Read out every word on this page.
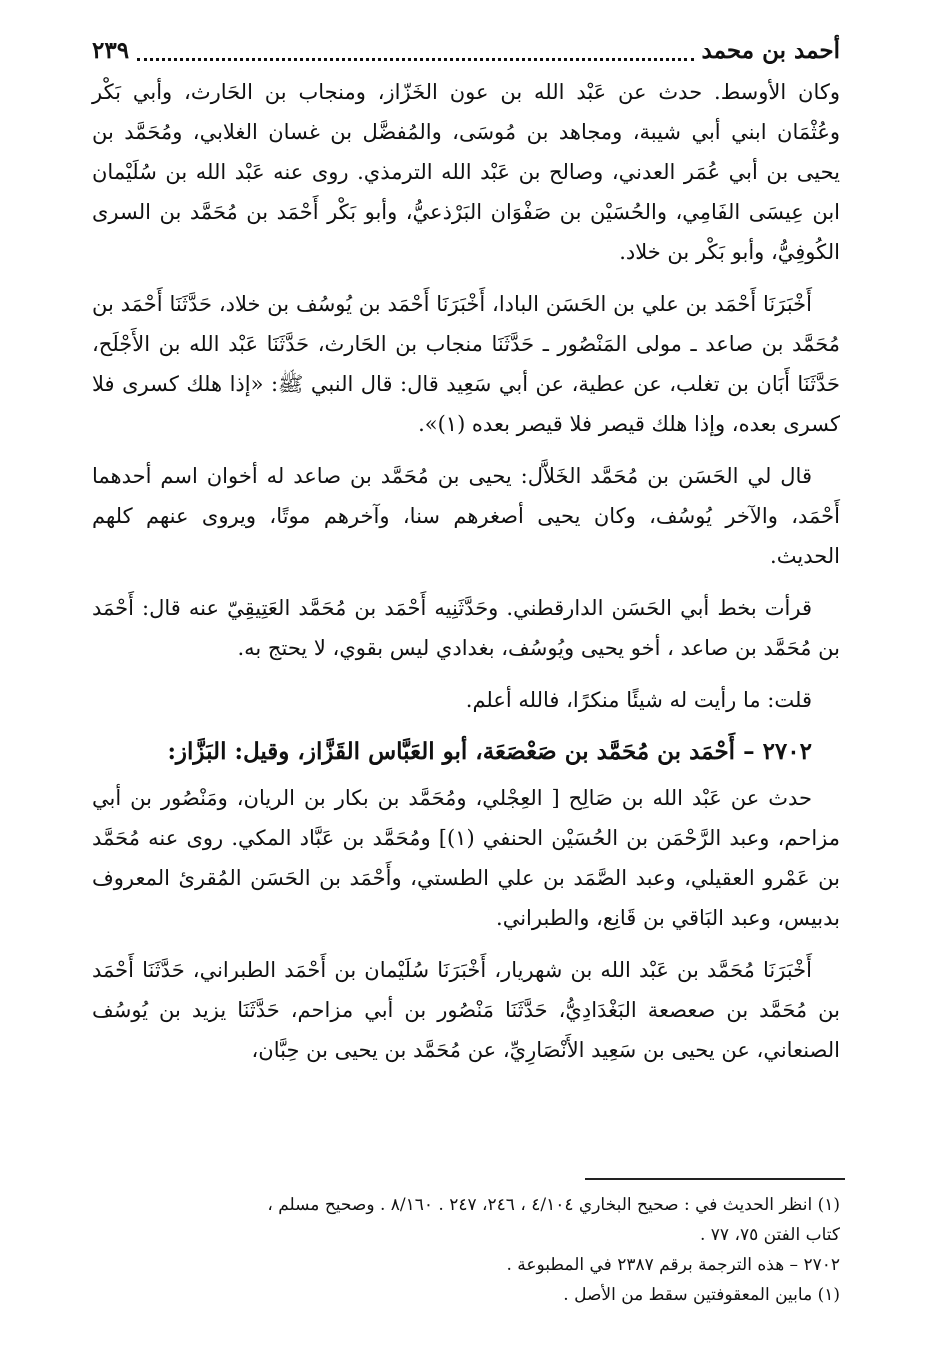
أحمد بن محمد
٢٣٩

وكان الأوسط. حدث عن عَبْد الله بن عون الخَزّاز، ومنجاب بن الحَارث، وأبي بَكْر وعُثْمَان ابني أبي شيبة، ومجاهد بن مُوسَى، والمُفضَّل بن غسان الغلابي، ومُحَمَّد بن يحيى بن أبي عُمَر العدني، وصالح بن عَبْد الله الترمذي. روى عنه عَبْد الله بن سُلَيْمان ابن عِيسَى الفَامِي، والحُسَيْن بن صَفْوَان البَرْذعيُّ، وأبو بَكْر أَحْمَد بن مُحَمَّد بن السرى الكُوفِيُّ، وأبو بَكْر بن خلاد.

أَخْبَرَنَا أَحْمَد بن علي بن الحَسَن البادا، أَخْبَرَنَا أَحْمَد بن يُوسُف بن خلاد، حَدَّثَنَا أَحْمَد بن مُحَمَّد بن صاعد ـ مولى المَنْصُور ـ حَدَّثَنَا منجاب بن الحَارث، حَدَّثَنَا عَبْد الله بن الأَجْلَح، حَدَّثَنَا أَبَان بن تغلب، عن عطية، عن أبي سَعِيد قال: قال النبي ﷺ: «إذا هلك كسرى فلا كسرى بعده، وإذا هلك قيصر فلا قيصر بعده (١)».

قال لي الحَسَن بن مُحَمَّد الخَلاَّل: يحيى بن مُحَمَّد بن صاعد له أخوان اسم أحدهما أَحْمَد، والآخر يُوسُف، وكان يحيى أصغرهم سنا، وآخرهم موتًا، ويروى عنهم كلهم الحديث.

قرأت بخط أبي الحَسَن الدارقطني. وحَدَّثَنِيه أَحْمَد بن مُحَمَّد العَتِيقِيّ عنه قال: أَحْمَد بن مُحَمَّد بن صاعد ، أخو يحيى ويُوسُف، بغدادي ليس بقوي، لا يحتج به.

قلت: ما رأيت له شيئًا منكرًا، فالله أعلم.

٢٧٠٢ – أَحْمَد بن مُحَمَّد بن صَعْصَعَة، أبو العَبَّاس القَزَّاز، وقيل: البَزَّاز:

حدث عن عَبْد الله بن صَالِح [ العِجْلي، ومُحَمَّد بن بكار بن الريان، ومَنْصُور بن أبي مزاحم، وعبد الرَّحْمَن بن الحُسَيْن الحنفي (١)] ومُحَمَّد بن عَبَّاد المكي. روى عنه مُحَمَّد بن عَمْرو العقيلي، وعبد الصَّمَد بن علي الطستي، وأَحْمَد بن الحَسَن المُقرئ المعروف بدبيس، وعبد البَاقي بن قَانِع، والطبراني.

أَخْبَرَنَا مُحَمَّد بن عَبْد الله بن شهريار، أَخْبَرَنَا سُلَيْمان بن أَحْمَد الطبراني، حَدَّثَنَا أَحْمَد بن مُحَمَّد بن صعصعة البَغْدَادِيُّ، حَدَّثَنَا مَنْصُور بن أبي مزاحم، حَدَّثَنَا يزيد بن يُوسُف الصنعاني، عن يحيى بن سَعِيد الأَنْصَارِيِّ، عن مُحَمَّد بن يحيى بن حِبَّان،

(١) انظر الحديث في : صحيح البخاري ٤/١٠٤ ، ٢٤٦، ٢٤٧ . ٨/١٦٠ . وصحيح مسلم ،

كتاب الفتن ٧٥، ٧٧ .

٢٧٠٢ – هذه الترجمة برقم ٢٣٨٧ في المطبوعة .

(١) مابين المعقوفتين سقط من الأصل .
